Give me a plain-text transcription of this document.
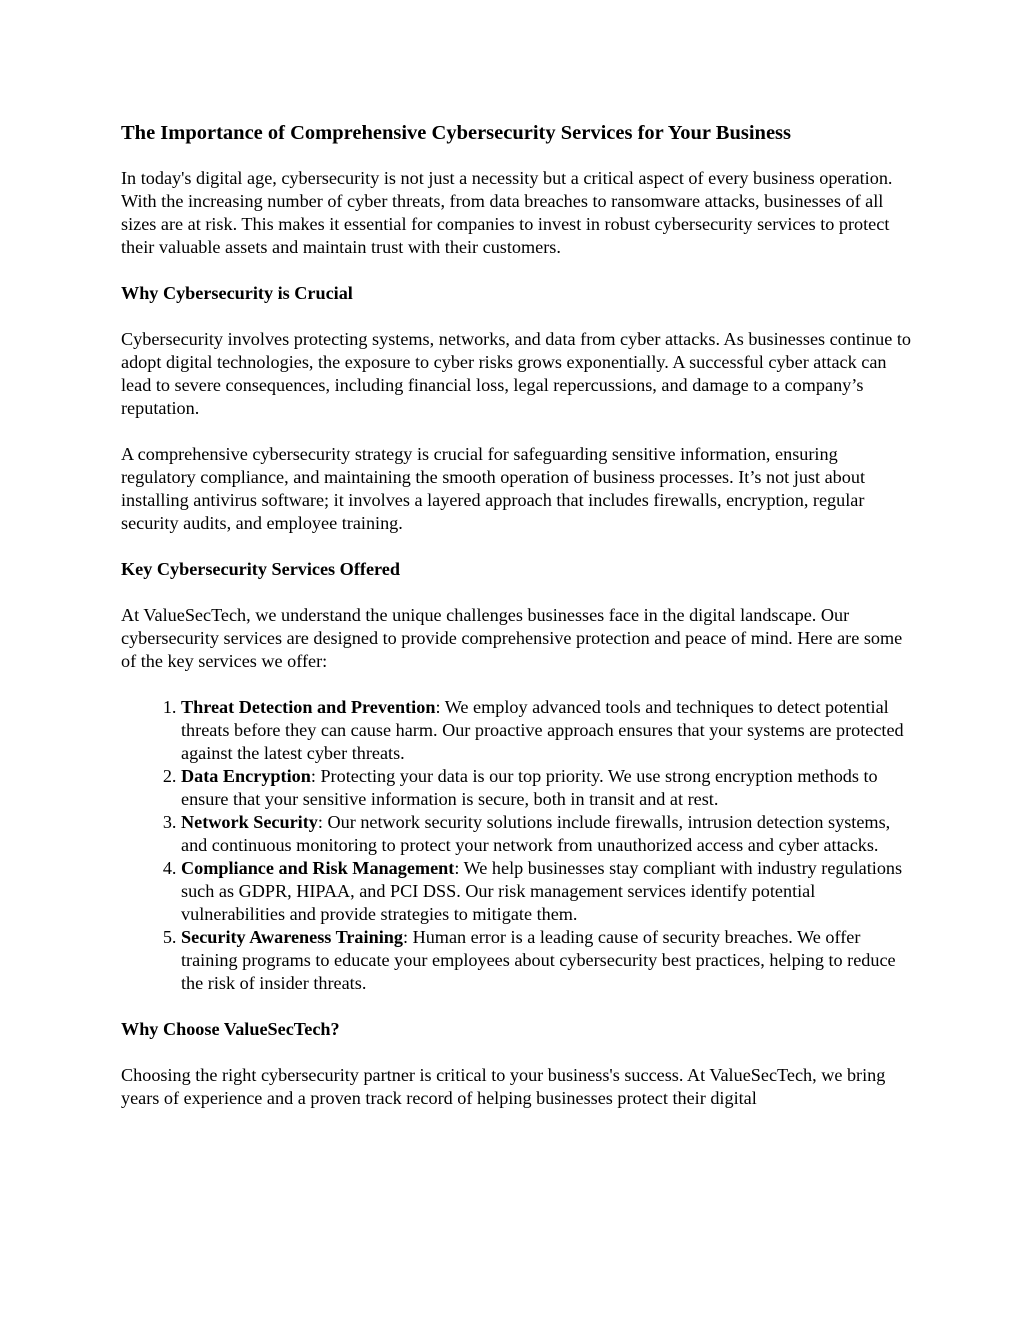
The Importance of Comprehensive Cybersecurity Services for Your Business

In today's digital age, cybersecurity is not just a necessity but a critical aspect of every business operation. With the increasing number of cyber threats, from data breaches to ransomware attacks, businesses of all sizes are at risk. This makes it essential for companies to invest in robust cybersecurity services to protect their valuable assets and maintain trust with their customers.

Why Cybersecurity is Crucial

Cybersecurity involves protecting systems, networks, and data from cyber attacks. As businesses continue to adopt digital technologies, the exposure to cyber risks grows exponentially. A successful cyber attack can lead to severe consequences, including financial loss, legal repercussions, and damage to a company’s reputation.

A comprehensive cybersecurity strategy is crucial for safeguarding sensitive information, ensuring regulatory compliance, and maintaining the smooth operation of business processes. It’s not just about installing antivirus software; it involves a layered approach that includes firewalls, encryption, regular security audits, and employee training.

Key Cybersecurity Services Offered

At ValueSecTech, we understand the unique challenges businesses face in the digital landscape. Our cybersecurity services are designed to provide comprehensive protection and peace of mind. Here are some of the key services we offer:

1. Threat Detection and Prevention: We employ advanced tools and techniques to detect potential threats before they can cause harm. Our proactive approach ensures that your systems are protected against the latest cyber threats.
2. Data Encryption: Protecting your data is our top priority. We use strong encryption methods to ensure that your sensitive information is secure, both in transit and at rest.
3. Network Security: Our network security solutions include firewalls, intrusion detection systems, and continuous monitoring to protect your network from unauthorized access and cyber attacks.
4. Compliance and Risk Management: We help businesses stay compliant with industry regulations such as GDPR, HIPAA, and PCI DSS. Our risk management services identify potential vulnerabilities and provide strategies to mitigate them.
5. Security Awareness Training: Human error is a leading cause of security breaches. We offer training programs to educate your employees about cybersecurity best practices, helping to reduce the risk of insider threats.
Why Choose ValueSecTech?

Choosing the right cybersecurity partner is critical to your business's success. At ValueSecTech, we bring years of experience and a proven track record of helping businesses protect their digital
